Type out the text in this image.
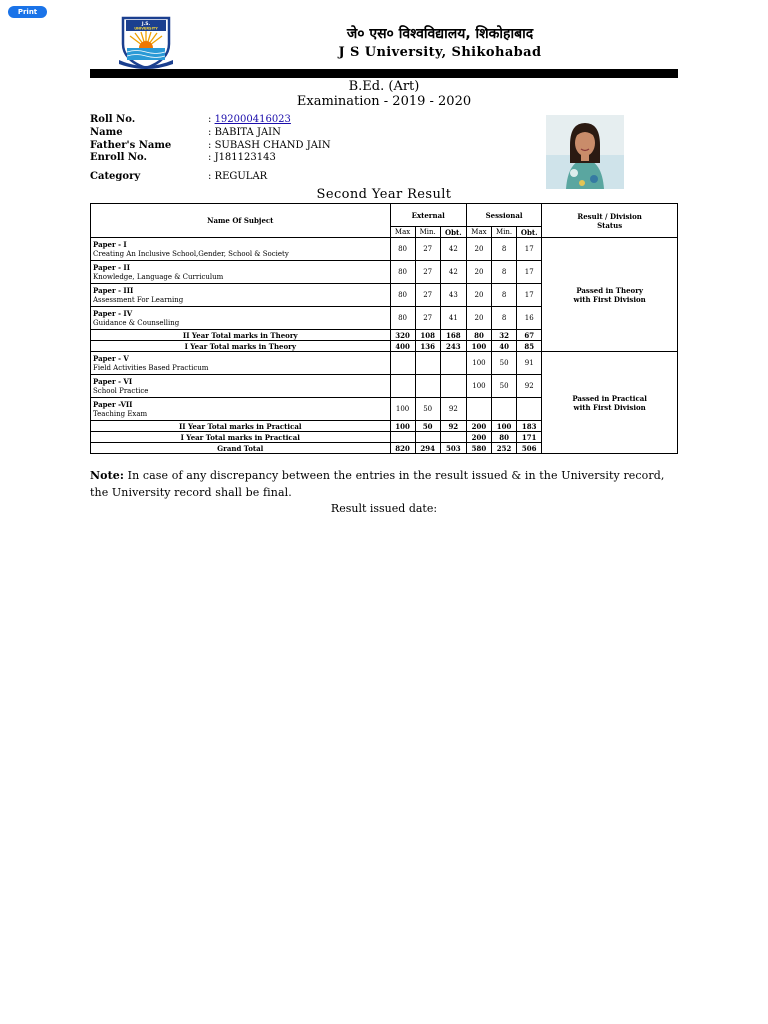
Print
J.S.
UNIVERSITY	जे० एस० विश्वविद्यालय, शिकोहाबाद
J S University, Shikohabad
B.Ed. (Art)
Examination - 2019 - 2020
Roll No.	: 192000416023
Name	: BABITA JAIN
Father's Name	: SUBASH CHAND JAIN
Enroll No.	: J181123143
Category	: REGULAR
Second Year Result
Name Of Subject	External			Sessional			Result / Division Status
	Max	Min.	Obt.	Max	Min.	Obt.	
Paper - I
Creating An Inclusive School,Gender, School & Society	80	27	42	20	8	17	Passed in Theory with First Division
Paper - II
Knowledge, Language & Curriculum	80	27	42	20	8	17	
Paper - III
Assessment For Learning	80	27	43	20	8	17	
Paper - IV
Guidance & Counselling	80	27	41	20	8	16	
II Year Total marks in Theory	320	108	168	80	32	67	
I Year Total marks in Theory	400	136	243	100	40	85	
Paper - V
Field Activities Based Practicum				100	50	91	Passed in Practical with First Division
Paper - VI
School Practice				100	50	92	
Paper -VII
Teaching Exam	100	50	92				
II Year Total marks in Practical	100	50	92	200	100	183	
I Year Total marks in Practical				200	80	171	
Grand Total	820	294	503	580	252	506	
Note: In case of any discrepancy between the entries in the result issued & in the University record, the University record shall be final.
Result issued date:
